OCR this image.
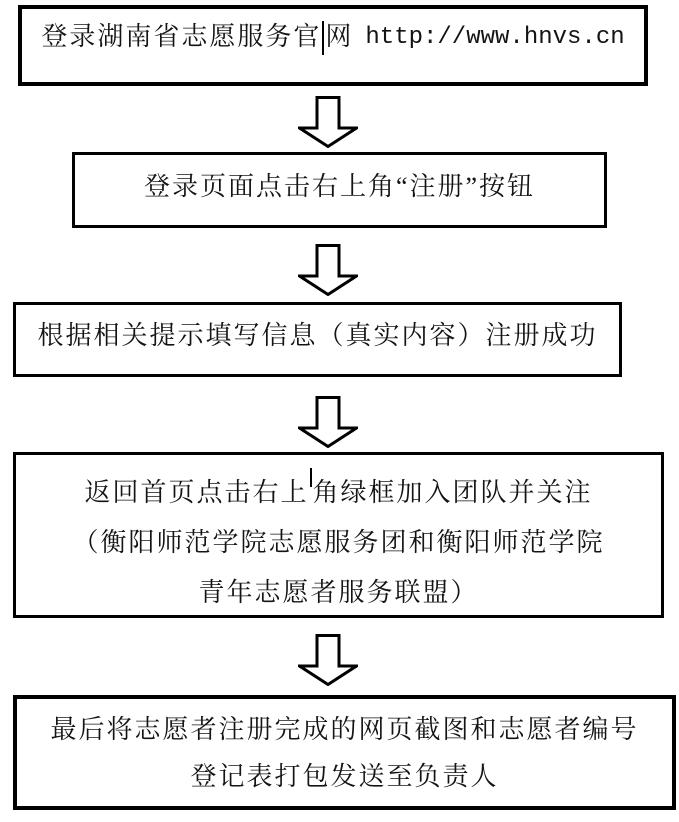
登录湖南省志愿服务官 网 http://www.hnvs.cn
登录页面点击右上角“注册”按钮
根据相关提示填写信息（真实内容）注册成功
返回首页点击右上 角绿框加入团队并关注
（衡阳师范学院志愿服务团和衡阳师范学院
青年志愿者服务联盟）
最后将志愿者注册完成的网页截图和志愿者编号
登记表打包发送至负责人
